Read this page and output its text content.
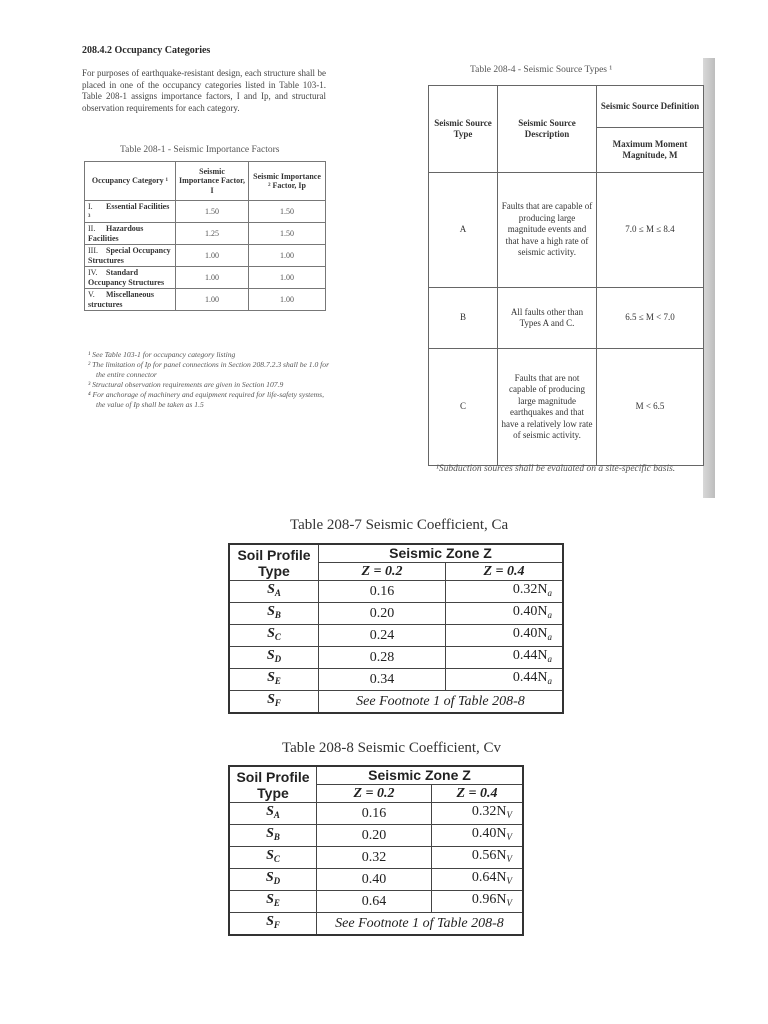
208.4.2 Occupancy Categories
For purposes of earthquake-resistant design, each structure shall be placed in one of the occupancy categories listed in Table 103-1. Table 208-1 assigns importance factors, I and Ip, and structural observation requirements for each category.
Table 208-1 - Seismic Importance Factors
Occupancy Category ¹	Seismic Importance Factor, I	Seismic Importance ² Factor, Ip
I. Essential Facilities ³	1.50	1.50
II. Hazardous Facilities	1.25	1.50
III. Special Occupancy Structures	1.00	1.00
IV. Standard Occupancy Structures	1.00	1.00
V. Miscellaneous structures	1.00	1.00
¹ See Table 103-1 for occupancy category listing
² The limitation of Ip for panel connections in Section 208.7.2.3 shall be 1.0 for the entire connector
³ Structural observation requirements are given in Section 107.9
⁴ For anchorage of machinery and equipment required for life-safety systems, the value of Ip shall be taken as 1.5
Table 208-4 - Seismic Source Types ¹
Seismic Source Type	Seismic Source Description	Seismic Source Definition
		Maximum Moment Magnitude, M
A	Faults that are capable of producing large magnitude events and that have a high rate of seismic activity.	7.0 ≤ M ≤ 8.4
B	All faults other than Types A and C.	6.5 ≤ M < 7.0
C	Faults that are not capable of producing large magnitude earthquakes and that have a relatively low rate of seismic activity.	M < 6.5
¹Subduction sources shall be evaluated on a site-specific basis.
Table 208-7 Seismic Coefficient, Ca
Soil Profile Type	Seismic Zone Z	
	Z = 0.2	Z = 0.4
$S_A$	0.16	$0.32N_a$
$S_B$	0.20	$0.40N_a$
$S_C$	0.24	$0.40N_a$
$S_D$	0.28	$0.44N_a$
$S_E$	0.34	$0.44N_a$
$S_F$	See Footnote 1 of Table 208-8	
Table 208-8 Seismic Coefficient, Cv
Soil Profile Type	Seismic Zone Z	
	Z = 0.2	Z = 0.4
$S_A$	0.16	$0.32N_V$
$S_B$	0.20	$0.40N_V$
$S_C$	0.32	$0.56N_V$
$S_D$	0.40	$0.64N_V$
$S_E$	0.64	$0.96N_V$
$S_F$	See Footnote 1 of Table 208-8	
